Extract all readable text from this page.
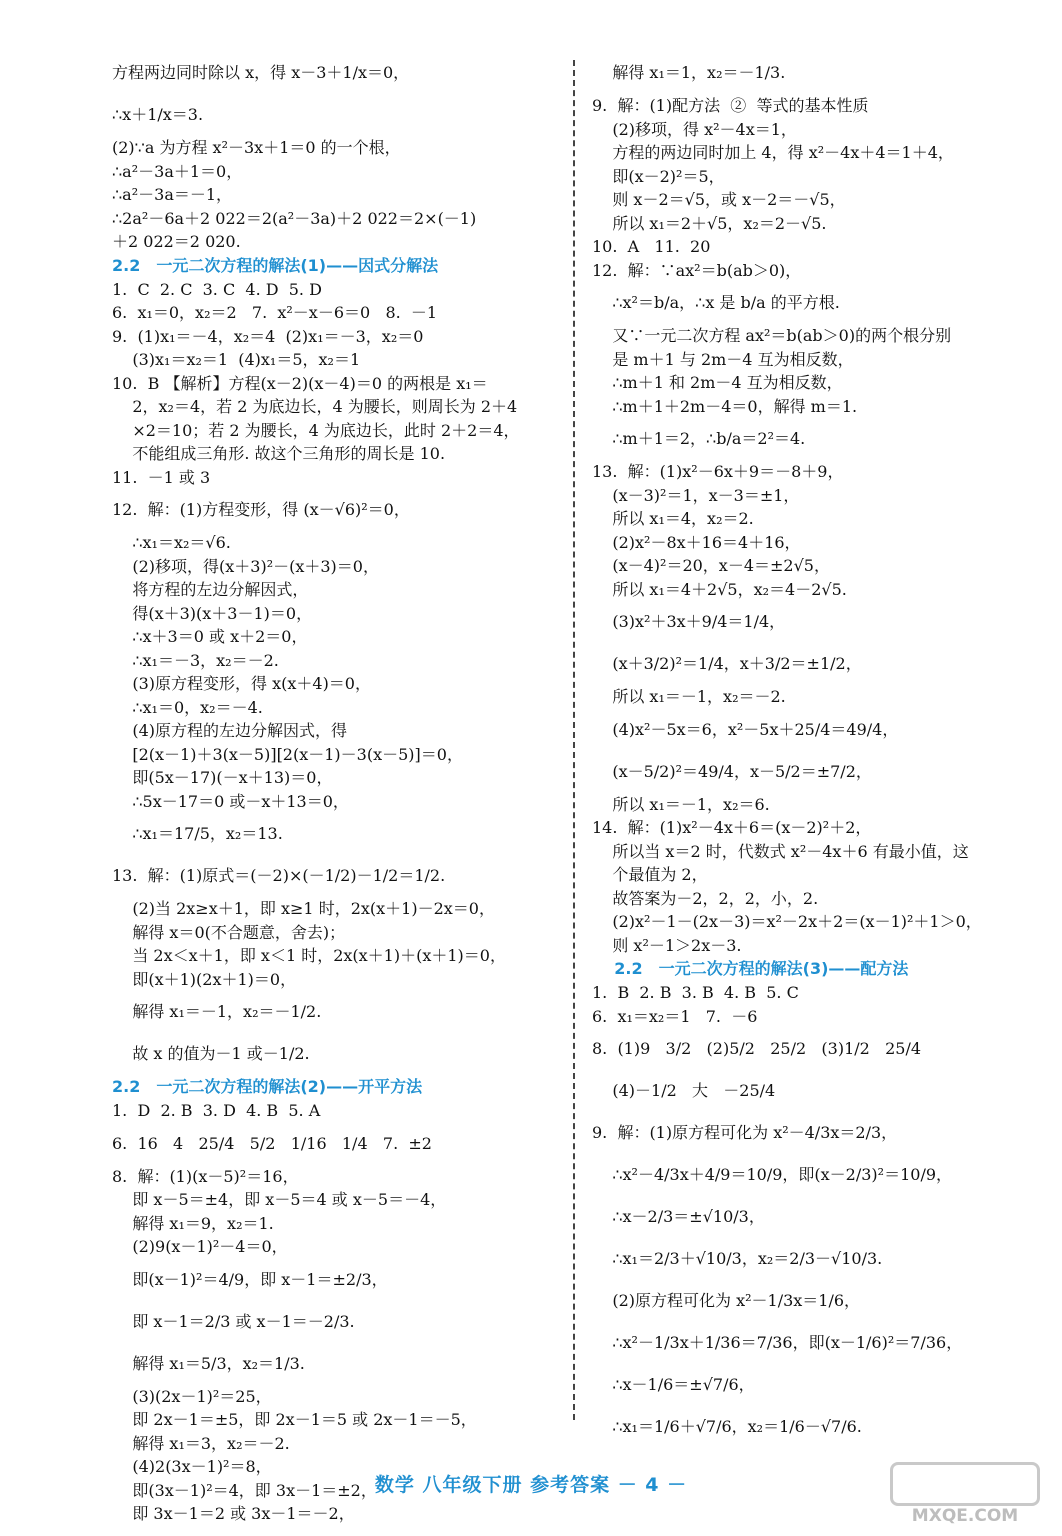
方程两边同时除以 x，得 x－3＋1/x＝0，
∴x＋1/x＝3.
(2)∵a 为方程 x²－3x＋1＝0 的一个根，
∴a²－3a＋1＝0，
∴a²－3a＝－1，
∴2a²－6a＋2 022＝2(a²－3a)＋2 022＝2×(－1)
＋2 022＝2 020.
2.2　一元二次方程的解法(1)——因式分解法
1.  C  2. C  3. C  4. D  5. D
6.  x₁＝0，x₂＝2   7.  x²－x－6＝0   8.  －1
9.  (1)x₁＝－4，x₂＝4  (2)x₁＝－3，x₂＝0
(3)x₁＝x₂＝1  (4)x₁＝5，x₂＝1
10.  B 【解析】方程(x－2)(x－4)＝0 的两根是 x₁＝
2，x₂＝4，若 2 为底边长，4 为腰长，则周长为 2＋4
×2＝10；若 2 为腰长，4 为底边长，此时 2＋2＝4，
不能组成三角形. 故这个三角形的周长是 10.
11.  －1 或 3
12.  解：(1)方程变形，得 (x－√6)²＝0，
∴x₁＝x₂＝√6.
(2)移项，得(x＋3)²－(x＋3)＝0，
将方程的左边分解因式，
得(x＋3)(x＋3－1)＝0，
∴x＋3＝0 或 x＋2＝0，
∴x₁＝－3，x₂＝－2.
(3)原方程变形，得 x(x＋4)＝0，
∴x₁＝0，x₂＝－4.
(4)原方程的左边分解因式，得
[2(x－1)＋3(x－5)][2(x－1)－3(x－5)]＝0，
即(5x－17)(－x＋13)＝0，
∴5x－17＝0 或－x＋13＝0，
∴x₁＝17/5，x₂＝13.
13.  解：(1)原式＝(－2)×(－1/2)－1/2＝1/2.
(2)当 2x≥x＋1，即 x≥1 时，2x(x＋1)－2x＝0，
解得 x＝0(不合题意，舍去)；
当 2x＜x＋1，即 x＜1 时，2x(x＋1)＋(x＋1)＝0，
即(x＋1)(2x＋1)＝0，
解得 x₁＝－1，x₂＝－1/2.
故 x 的值为－1 或－1/2.
2.2　一元二次方程的解法(2)——开平方法
1.  D  2. B  3. D  4. B  5. A
6.  16   4   25/4   5/2   1/16   1/4   7.  ±2
8.  解：(1)(x－5)²＝16，
即 x－5＝±4，即 x－5＝4 或 x－5＝－4，
解得 x₁＝9，x₂＝1.
(2)9(x－1)²－4＝0，
即(x－1)²＝4/9，即 x－1＝±2/3，
即 x－1＝2/3 或 x－1＝－2/3.
解得 x₁＝5/3，x₂＝1/3.
(3)(2x－1)²＝25，
即 2x－1＝±5，即 2x－1＝5 或 2x－1＝－5，
解得 x₁＝3，x₂＝－2.
(4)2(3x－1)²＝8，
即(3x－1)²＝4，即 3x－1＝±2，
即 3x－1＝2 或 3x－1＝－2，
解得 x₁＝1，x₂＝－1/3.
9.  解：(1)配方法  ②  等式的基本性质
(2)移项，得 x²－4x＝1，
方程的两边同时加上 4，得 x²－4x＋4＝1＋4，
即(x－2)²＝5，
则 x－2＝√5，或 x－2＝－√5，
所以 x₁＝2＋√5，x₂＝2－√5.
10.  A   11.  20
12.  解：∵ax²＝b(ab＞0)，
∴x²＝b/a，∴x 是 b/a 的平方根.
又∵一元二次方程 ax²＝b(ab＞0)的两个根分别
是 m＋1 与 2m－4 互为相反数，
∴m＋1 和 2m－4 互为相反数，
∴m＋1＋2m－4＝0，解得 m＝1.
∴m＋1＝2，∴b/a＝2²＝4.
13.  解：(1)x²－6x＋9＝－8＋9，
(x－3)²＝1，x－3＝±1，
所以 x₁＝4，x₂＝2.
(2)x²－8x＋16＝4＋16，
(x－4)²＝20，x－4＝±2√5，
所以 x₁＝4＋2√5，x₂＝4－2√5.
(3)x²＋3x＋9/4＝1/4，
(x＋3/2)²＝1/4，x＋3/2＝±1/2，
所以 x₁＝－1，x₂＝－2.
(4)x²－5x＝6，x²－5x＋25/4＝49/4，
(x－5/2)²＝49/4，x－5/2＝±7/2，
所以 x₁＝－1，x₂＝6.
14.  解：(1)x²－4x＋6＝(x－2)²＋2，
所以当 x＝2 时，代数式 x²－4x＋6 有最小值，这
个最值为 2，
故答案为－2，2，2，小，2.
(2)x²－1－(2x－3)＝x²－2x＋2＝(x－1)²＋1＞0，
则 x²－1＞2x－3.
2.2　一元二次方程的解法(3)——配方法
1.  B  2. B  3. B  4. B  5. C
6.  x₁＝x₂＝1   7.  －6
8.  (1)9   3/2   (2)5/2   25/2   (3)1/2   25/4
(4)－1/2   大   －25/4
9.  解：(1)原方程可化为 x²－4/3x＝2/3，
∴x²－4/3x＋4/9＝10/9，即(x－2/3)²＝10/9，
∴x－2/3＝±√10/3，
∴x₁＝2/3＋√10/3，x₂＝2/3－√10/3.
(2)原方程可化为 x²－1/3x＝1/6，
∴x²－1/3x＋1/36＝7/36，即(x－1/6)²＝7/36，
∴x－1/6＝±√7/6，
∴x₁＝1/6＋√7/6，x₂＝1/6－√7/6.
数学 八年级下册 参考答案 － 4 －
MXQE.COM
